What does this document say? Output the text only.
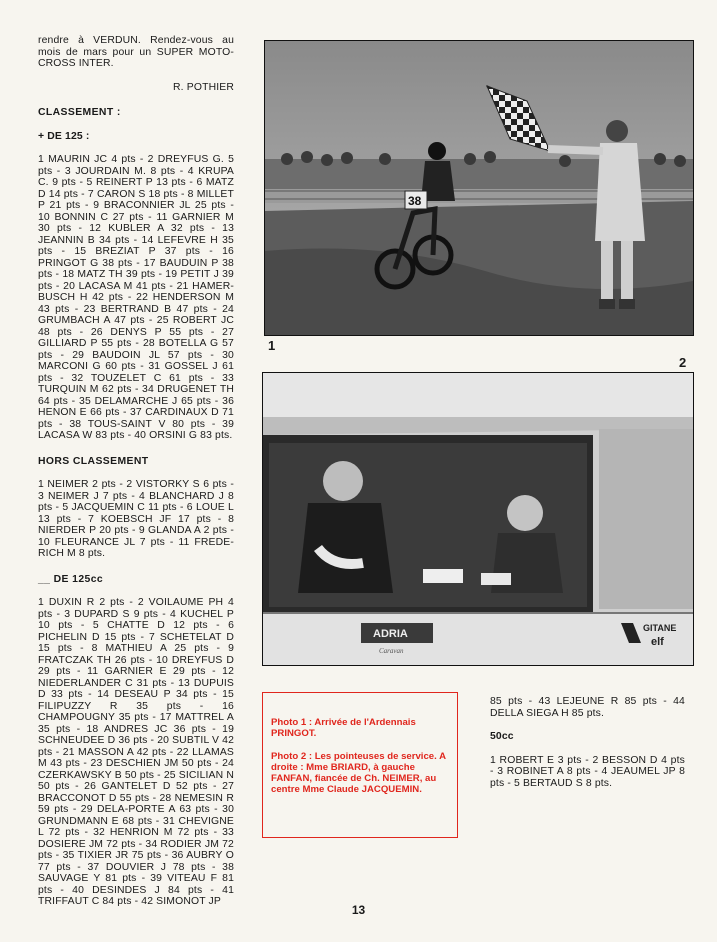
rendre à VERDUN. Rendez-vous au mois de mars pour un SUPER MOTO-CROSS INTER.

R. POTHIER

CLASSEMENT :

+ DE 125 :

1 MAURIN JC 4 pts - 2 DREYFUS G. 5 pts - 3 JOURDAIN M. 8 pts - 4 KRUPA C. 9 pts - 5 REINERT P 13 pts - 6 MATZ D 14 pts - 7 CARON S 18 pts - 8 MILLET P 21 pts - 9 BRACONNIER JL 25 pts - 10 BONNIN C 27 pts - 11 GARNIER M 30 pts - 12 KUBLER A 32 pts - 13 JEANNIN B 34 pts - 14 LEFEVRE H 35 pts - 15 BREZIAT P 37 pts - 16 PRINGOT G 38 pts - 17 BAUDUIN P 38 pts - 18 MATZ TH 39 pts - 19 PETIT J 39 pts - 20 LACASA M 41 pts - 21 HAMER-BUSCH H 42 pts - 22 HENDERSON M 43 pts - 23 BERTRAND B 47 pts - 24 GRUMBACH A 47 pts - 25 ROBERT JC 48 pts - 26 DENYS P 55 pts - 27 GILLIARD P 55 pts - 28 BOTELLA G 57 pts - 29 BAUDOIN JL 57 pts - 30 MARCONI G 60 pts - 31 GOSSEL J 61 pts - 32 TOUZELET C 61 pts - 33 TURQUIN M 62 pts - 34 DRUGENET TH 64 pts - 35 DELAMARCHE J 65 pts - 36 HENON E 66 pts - 37 CARDINAUX D 71 pts - 38 TOUS-SAINT V 80 pts - 39 LACASA W 83 pts - 40 ORSINI G 83 pts.

HORS CLASSEMENT

1 NEIMER 2 pts - 2 VISTORKY S 6 pts - 3 NEIMER J 7 pts - 4 BLANCHARD J 8 pts - 5 JACQUEMIN C 11 pts - 6 LOUE L 13 pts - 7 KOEBSCH JF 17 pts - 8 NIERDER P 20 pts - 9 GLANDA A 2 pts - 10 FLEURANCE JL 7 pts - 11 FREDE-RICH M 8 pts.

__ DE 125cc

1 DUXIN R 2 pts - 2 VOILAUME PH 4 pts - 3 DUPARD S 9 pts - 4 KUCHEL P 10 pts - 5 CHATTE D 12 pts - 6 PICHELIN D 15 pts - 7 SCHETELAT D 15 pts - 8 MATHIEU A 25 pts - 9 FRATCZAK TH 26 pts - 10 DREYFUS D 29 pts - 11 GARNIER E 29 pts - 12 NIEDERLANDER C 31 pts - 13 DUPUIS D 33 pts - 14 DESEAU P 34 pts - 15 FILIPUZZY R 35 pts - 16 CHAMPOUGNY 35 pts - 17 MATTREL A 35 pts - 18 ANDRES JC 36 pts - 19 SCHNEUDEE D 36 pts - 20 SUBTIL V 42 pts - 21 MASSON A 42 pts - 22 LLAMAS M 43 pts - 23 DESCHIEN JM 50 pts - 24 CZERKAWSKY B 50 pts - 25 SICILIAN N 50 pts - 26 GANTELET D 52 pts - 27 BRACCONOT D 55 pts - 28 NEMESIN R 59 pts - 29 DELA-PORTE A 63 pts - 30 GRUNDMANN E 68 pts - 31 CHEVIGNE L 72 pts - 32 HENRION M 72 pts - 33 DOSIERE JM 72 pts - 34 RODIER JM 72 pts - 35 TIXIER JR 75 pts - 36 AUBRY O 77 pts - 37 DOUVIER J 78 pts - 38 SAUVAGE Y 81 pts - 39 VITEAU F 81 pts - 40 DESINDES J 84 pts - 41 TRIFFAUT C 84 pts - 42 SIMONOT JP

38
1
2
ADRIA
Caravan
GITANE
elf

Photo 1 : Arrivée de l'Ardennais PRINGOT.

Photo 2 : Les pointeuses de service. A droite : Mme BRIARD, à gauche FANFAN, fiancée de Ch. NEIMER, au centre Mme Claude JACQUEMIN.

85 pts - 43 LEJEUNE R 85 pts - 44 DELLA SIEGA H 85 pts.

50cc

1 ROBERT E 3 pts - 2 BESSON D 4 pts - 3 ROBINET A 8 pts - 4 JEAUMEL JP 8 pts - 5 BERTAUD S 8 pts.

13
